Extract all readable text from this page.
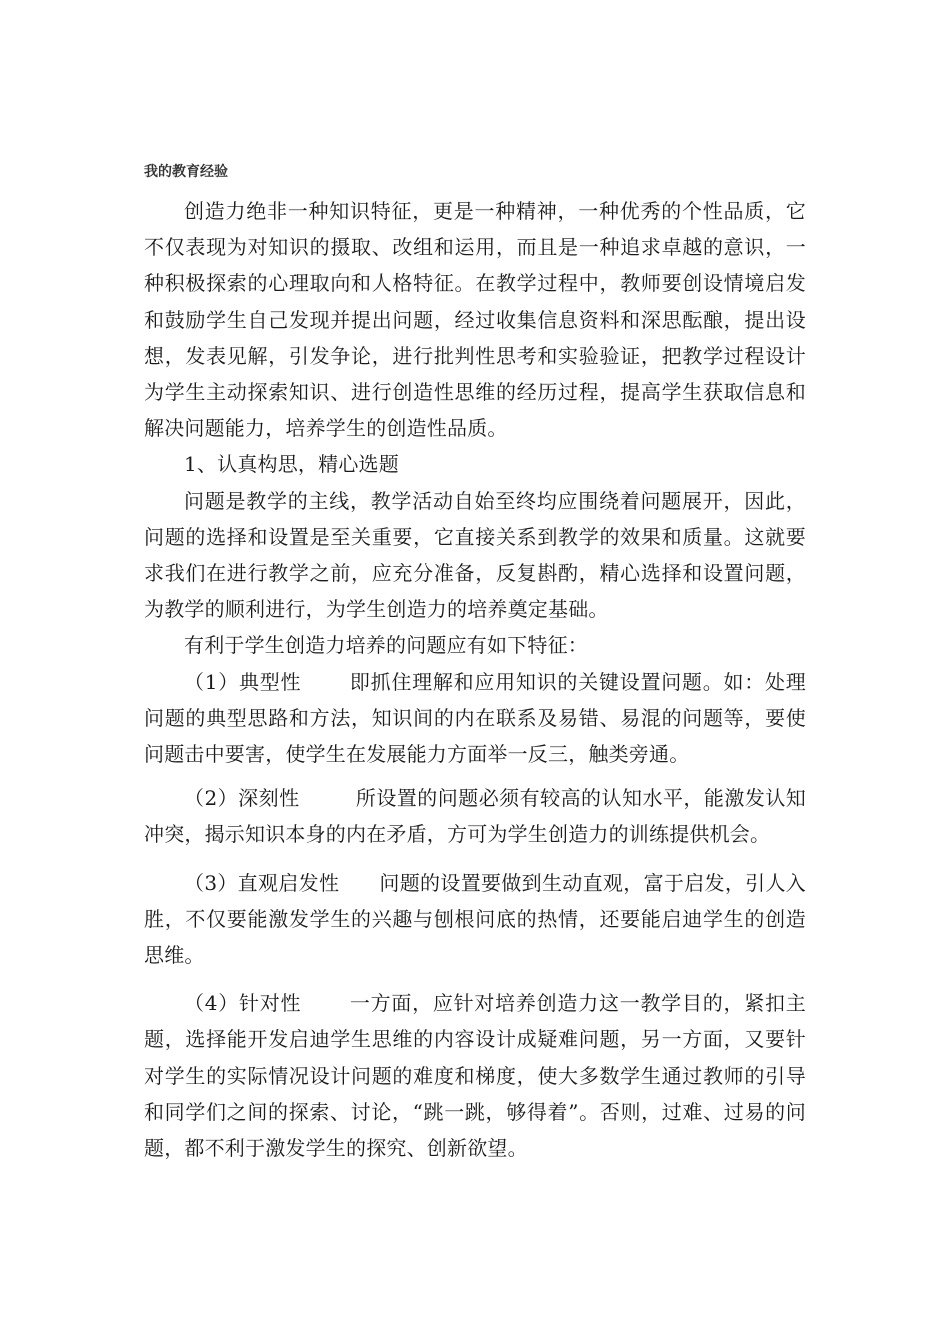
我的教育经验

创造力绝非一种知识特征，更是一种精神，一种优秀的个性品质，它不仅表现为对知识的摄取、改组和运用，而且是一种追求卓越的意识，一种积极探索的心理取向和人格特征。在教学过程中，教师要创设情境启发和鼓励学生自己发现并提出问题，经过收集信息资料和深思酝酿，提出设想，发表见解，引发争论，进行批判性思考和实验验证，把教学过程设计为学生主动探索知识、进行创造性思维的经历过程，提高学生获取信息和解决问题能力，培养学生的创造性品质。

1、认真构思，精心选题

问题是教学的主线，教学活动自始至终均应围绕着问题展开，因此，问题的选择和设置是至关重要，它直接关系到教学的效果和质量。这就要求我们在进行教学之前，应充分准备，反复斟酌，精心选择和设置问题，为教学的顺利进行，为学生创造力的培养奠定基础。

有利于学生创造力培养的问题应有如下特征：

（1）典型性 即抓住理解和应用知识的关键设置问题。如：处理问题的典型思路和方法，知识间的内在联系及易错、易混的问题等，要使问题击中要害，使学生在发展能力方面举一反三，触类旁通。

（2）深刻性	所设置的问题必须有较高的认知水平，能激发认知冲突，揭示知识本身的内在矛盾，方可为学生创造力的训练提供机会。

（3）直观启发性 问题的设置要做到生动直观，富于启发，引人入胜，不仅要能激发学生的兴趣与刨根问底的热情，还要能启迪学生的创造思维。

（4）针对性 一方面，应针对培养创造力这一教学目的，紧扣主题，选择能开发启迪学生思维的内容设计成疑难问题，另一方面，又要针对学生的实际情况设计问题的难度和梯度，使大多数学生通过教师的引导和同学们之间的探索、讨论，“跳一跳，够得着”。否则，过难、过易的问题，都不利于激发学生的探究、创新欲望。
